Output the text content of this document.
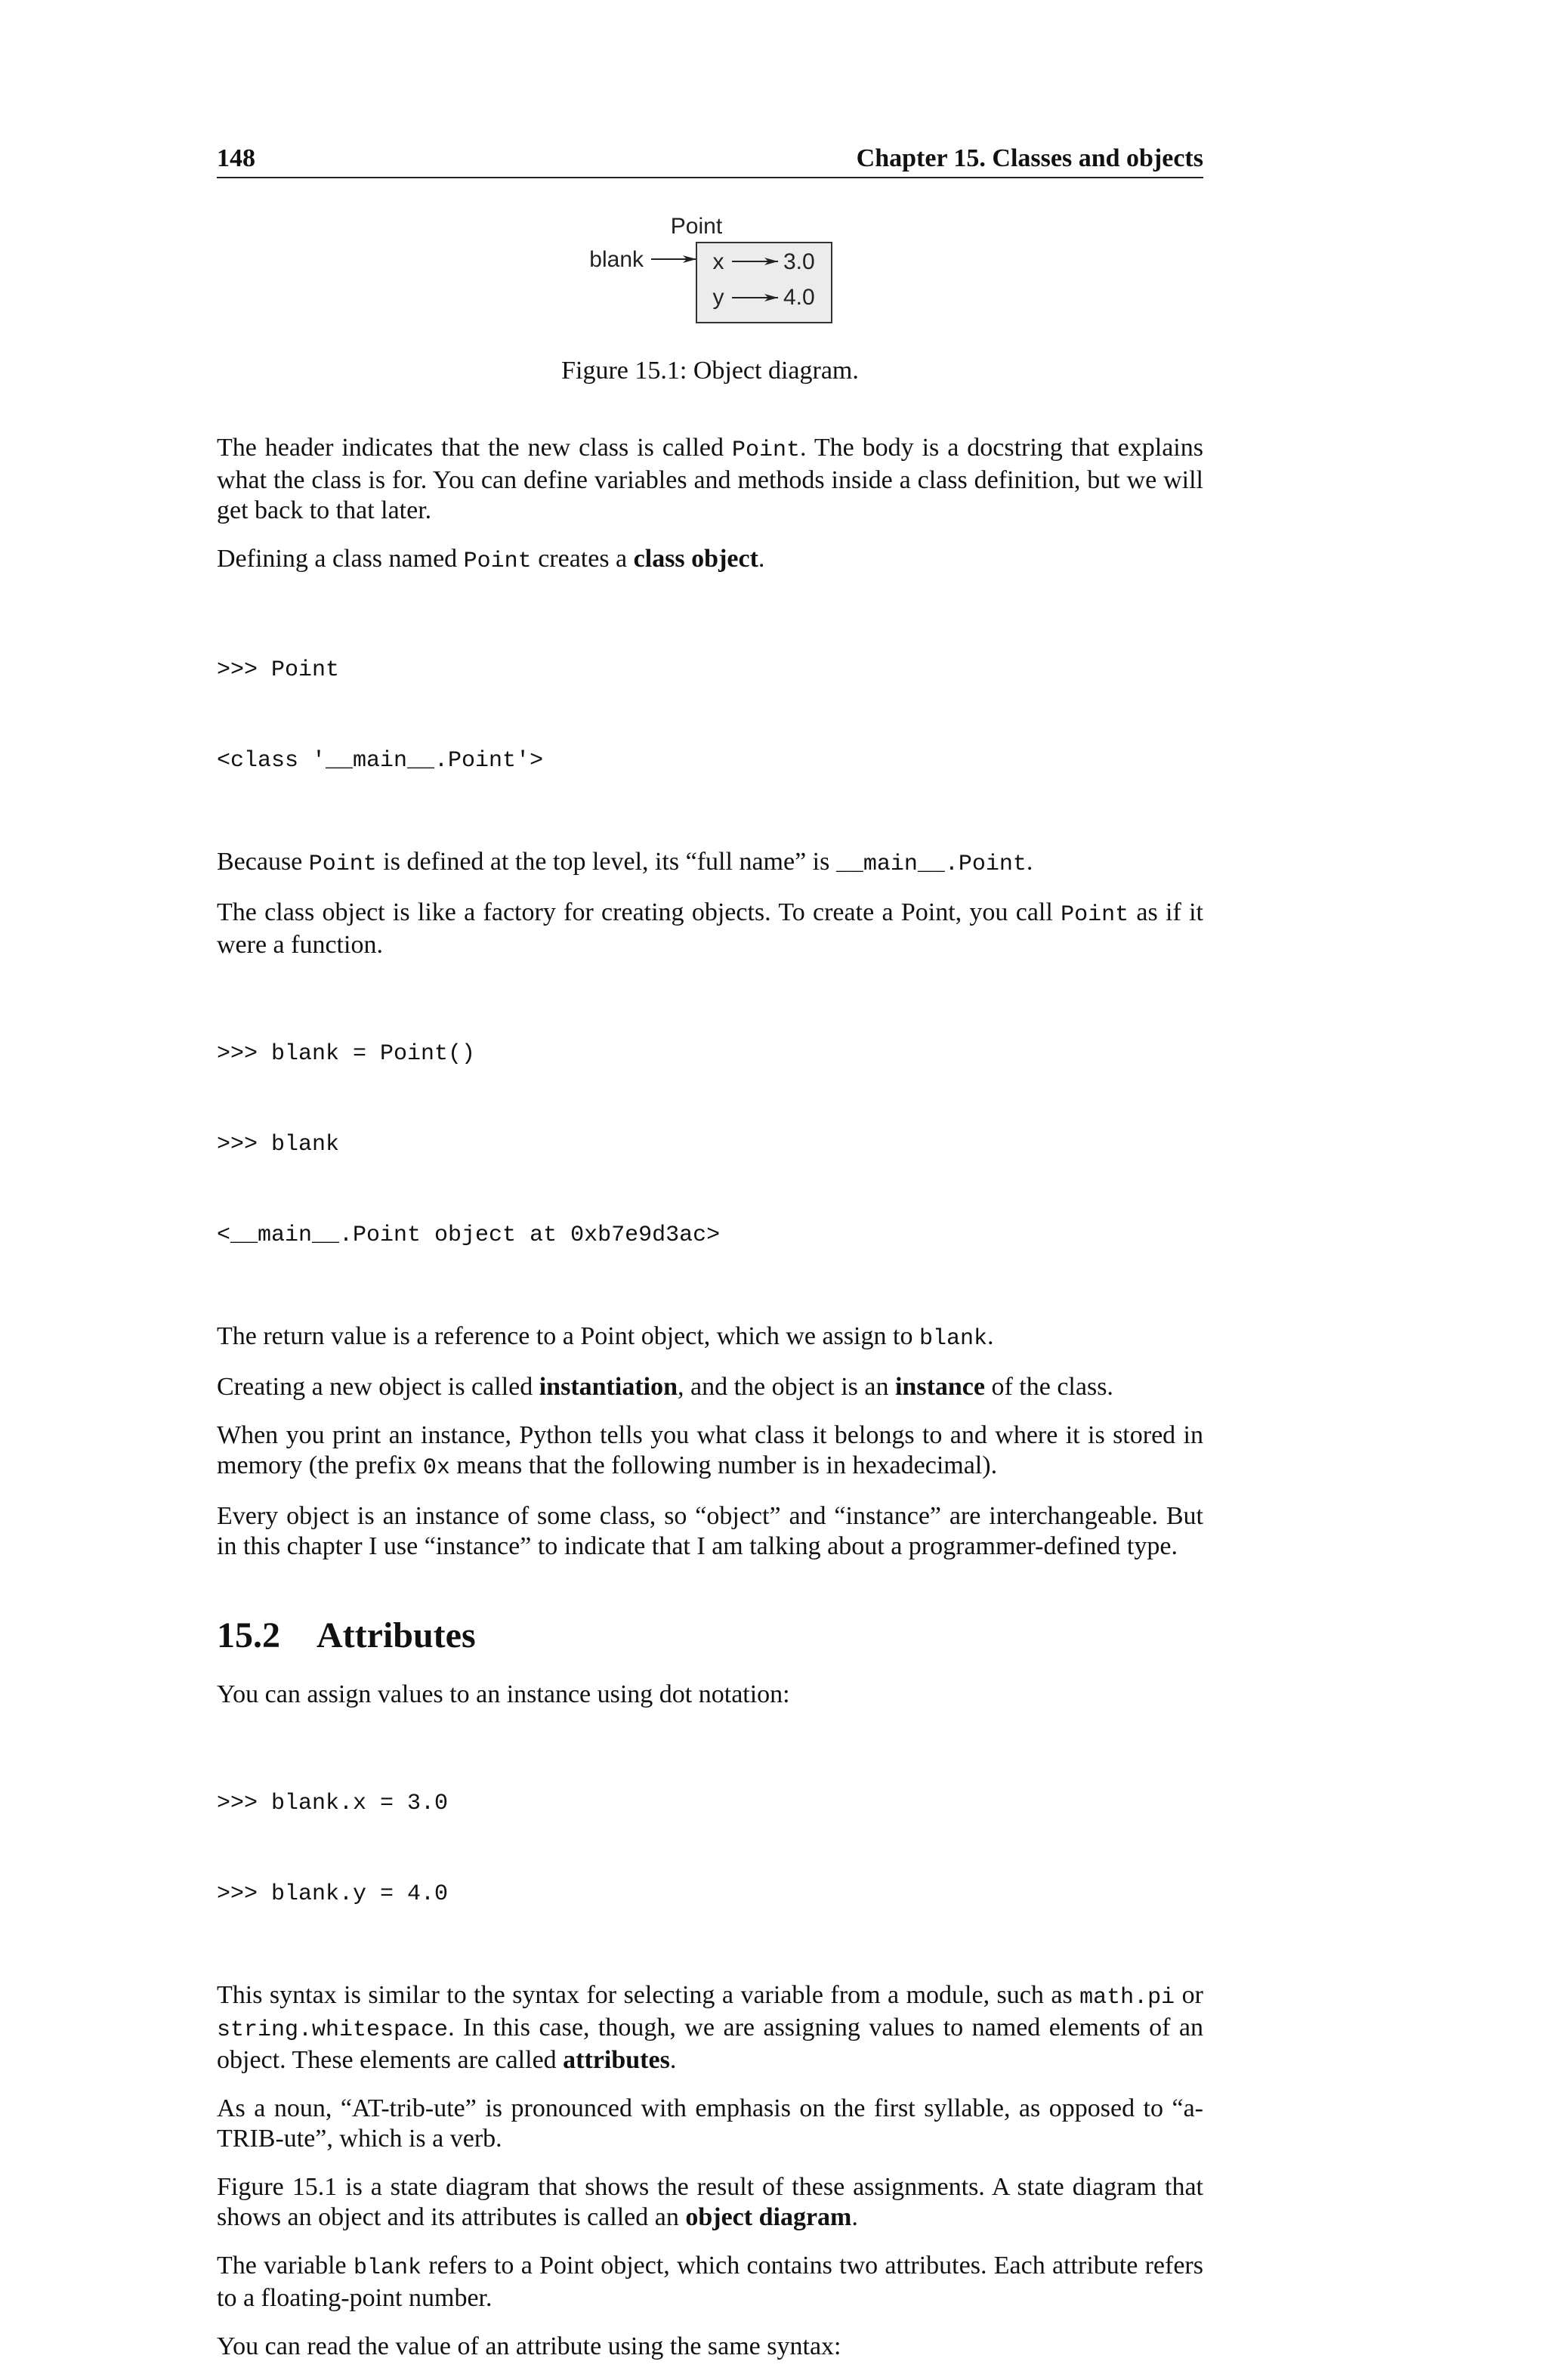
148	Chapter 15. Classes and objects
Point
blank	x	3.0
y	4.0
Figure 15.1: Object diagram.

The header indicates that the new class is called Point. The body is a docstring that explains what the class is for. You can define variables and methods inside a class definition, but we will get back to that later.

Defining a class named Point creates a class object.

>>> Point

<class '__main__.Point'>

Because Point is defined at the top level, its “full name” is __main__.Point.

The class object is like a factory for creating objects. To create a Point, you call Point as if it were a function.

>>> blank = Point()

>>> blank

<__main__.Point object at 0xb7e9d3ac>

The return value is a reference to a Point object, which we assign to blank.

Creating a new object is called instantiation, and the object is an instance of the class.

When you print an instance, Python tells you what class it belongs to and where it is stored in memory (the prefix 0x means that the following number is in hexadecimal).

Every object is an instance of some class, so “object” and “instance” are interchangeable. But in this chapter I use “instance” to indicate that I am talking about a programmer-defined type.

15.2 Attributes

You can assign values to an instance using dot notation:

>>> blank.x = 3.0

>>> blank.y = 4.0

This syntax is similar to the syntax for selecting a variable from a module, such as math.pi or string.whitespace. In this case, though, we are assigning values to named elements of an object. These elements are called attributes.

As a noun, “AT-trib-ute” is pronounced with emphasis on the first syllable, as opposed to “a-TRIB-ute”, which is a verb.

Figure 15.1 is a state diagram that shows the result of these assignments. A state diagram that shows an object and its attributes is called an object diagram.

The variable blank refers to a Point object, which contains two attributes. Each attribute refers to a floating-point number.

You can read the value of an attribute using the same syntax:
